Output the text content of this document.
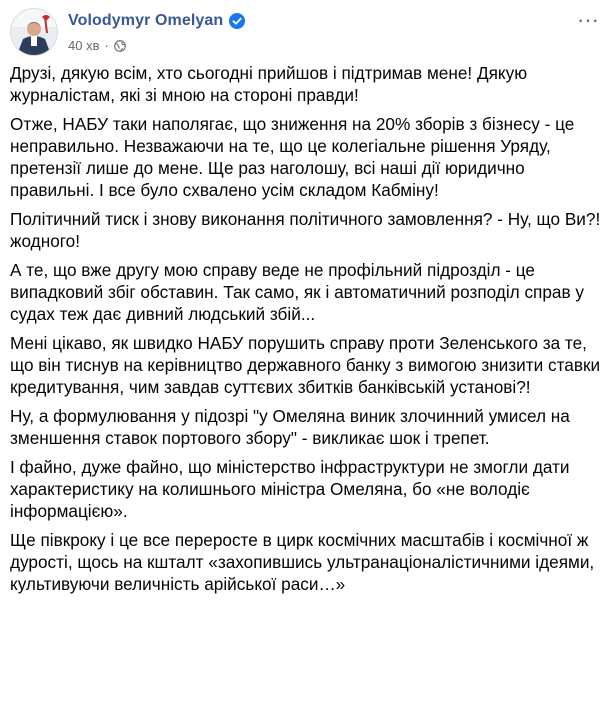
Volodymyr Omelyan
40 хв ·
···

Друзі, дякую всім, хто сьогодні прийшов і підтримав мене! Дякую журналістам, які зі мною на стороні правди!

Отже, НАБУ таки наполягає, що зниження на 20% зборів з бізнесу - це неправильно. Незважаючи на те, що це колегіальне рішення Уряду, претензії лише до мене. Ще раз наголошу, всі наші дії юридично правильні. І все було схвалено усім складом Кабміну!

Політичний тиск і знову виконання політичного замовлення? - Ну, що Ви?! жодного!

А те, що вже другу мою справу веде не профільний підрозділ - це випадковий збіг обставин. Так само, як і автоматичний розподіл справ у судах теж дає дивний людський збій...

Мені цікаво, як швидко НАБУ порушить справу проти Зеленського за те, що він тиснув на керівництво державного банку з вимогою знизити ставки кредитування, чим завдав суттєвих збитків банківській установі?!

Ну, а формулювання у підозрі "у Омеляна виник злочинний умисел на зменшення ставок портового збору" - викликає шок і трепет.

І файно, дуже файно, що міністерство інфраструктури не змогли дати характеристику на колишнього міністра Омеляна, бо «не володіє інформацією».

Ще півкроку і це все переросте в цирк космічних масштабів і космічної ж дурості, щось на кшталт «захопившись ультранаціоналістичними ідеями, культивуючи величність арійської раси…»
